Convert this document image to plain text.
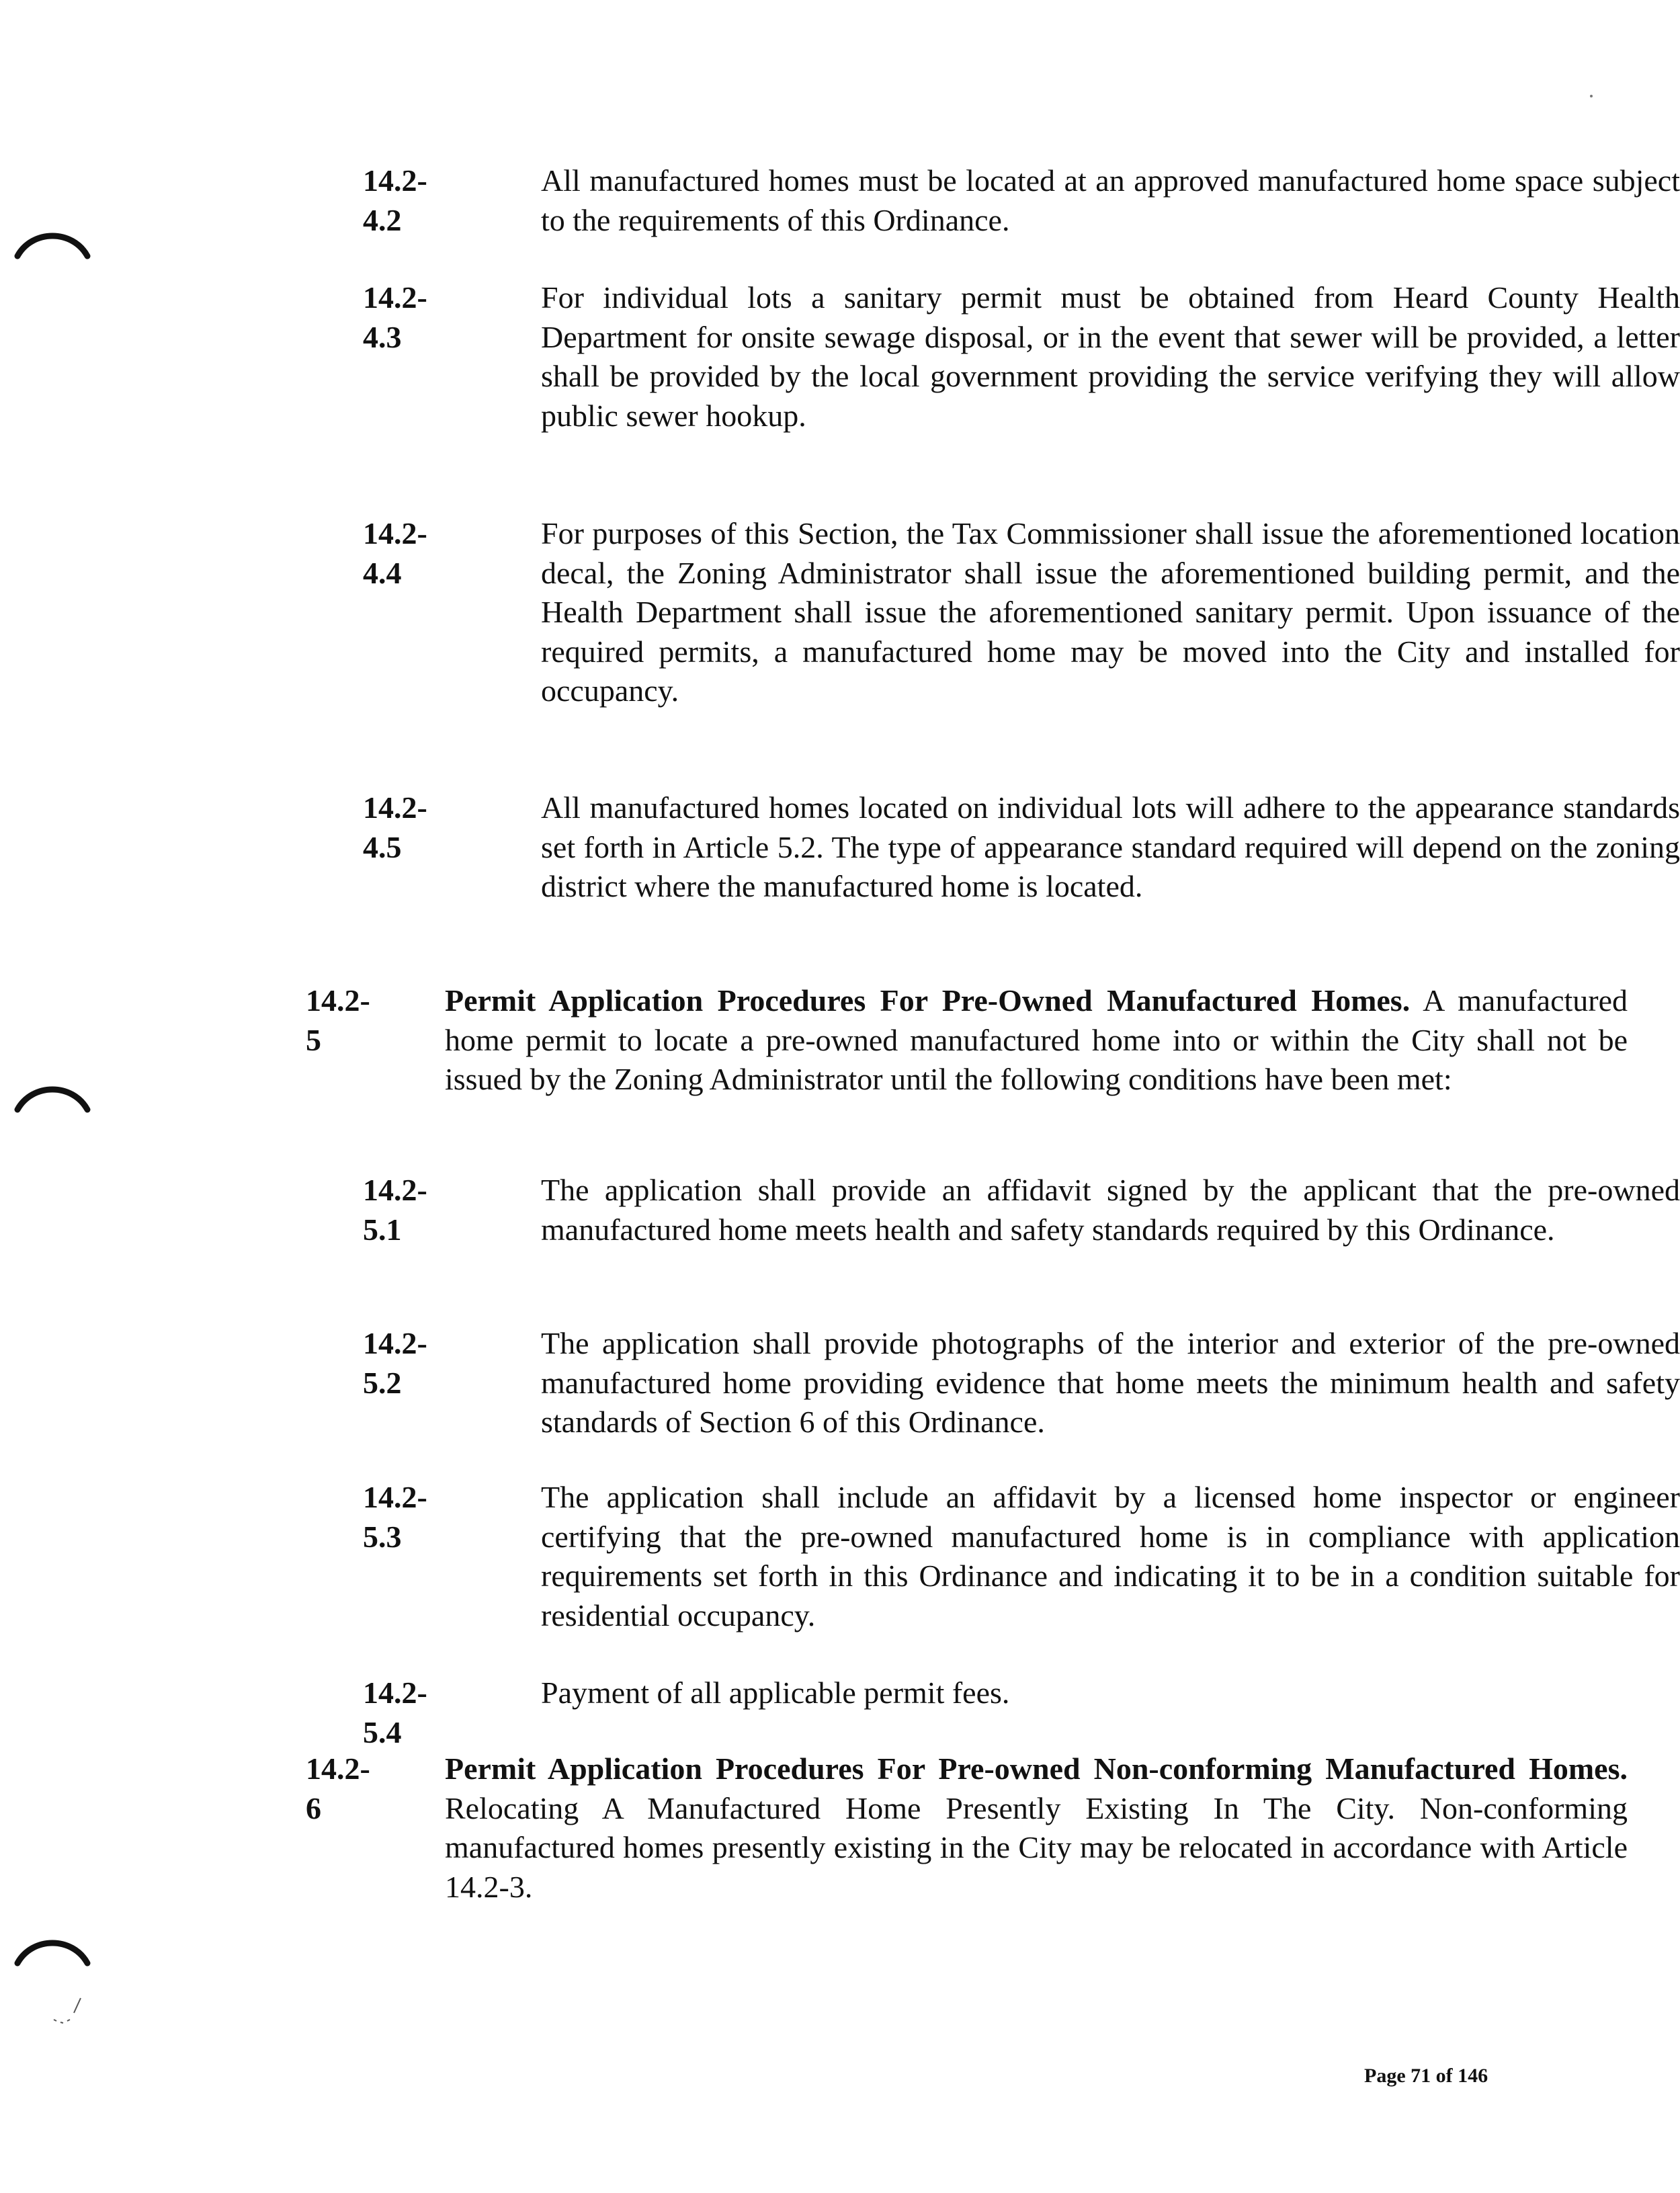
14.2-4.2
All manufactured homes must be located at an approved manufactured home space subject to the requirements of this Ordinance.
14.2-4.3
For individual lots a sanitary permit must be obtained from Heard County Health Department for onsite sewage disposal, or in the event that sewer will be provided, a letter shall be provided by the local government providing the service verifying they will allow public sewer hookup.
14.2-4.4
For purposes of this Section, the Tax Commissioner shall issue the aforementioned location decal, the Zoning Administrator shall issue the aforementioned building permit, and the Health Department shall issue the aforementioned sanitary permit. Upon issuance of the required permits, a manufactured home may be moved into the City and installed for occupancy.
14.2-4.5
All manufactured homes located on individual lots will adhere to the appearance standards set forth in Article 5.2. The type of appearance standard required will depend on the zoning district where the manufactured home is located.
14.2-5
Permit Application Procedures For Pre-Owned Manufactured Homes. A manufactured home permit to locate a pre-owned manufactured home into or within the City shall not be issued by the Zoning Administrator until the following conditions have been met:
14.2-5.1
The application shall provide an affidavit signed by the applicant that the pre-owned manufactured home meets health and safety standards required by this Ordinance.
14.2-5.2
The application shall provide photographs of the interior and exterior of the pre-owned manufactured home providing evidence that home meets the minimum health and safety standards of Section 6 of this Ordinance.
14.2-5.3
The application shall include an affidavit by a licensed home inspector or engineer certifying that the pre-owned manufactured home is in compliance with application requirements set forth in this Ordinance and indicating it to be in a condition suitable for residential occupancy.
14.2-5.4
Payment of all applicable permit fees.
14.2-6
Permit Application Procedures For Pre-owned Non-conforming Manufactured Homes. Relocating A Manufactured Home Presently Existing In The City. Non-conforming manufactured homes presently existing in the City may be relocated in accordance with Article 14.2-3.
Page 71 of 146
